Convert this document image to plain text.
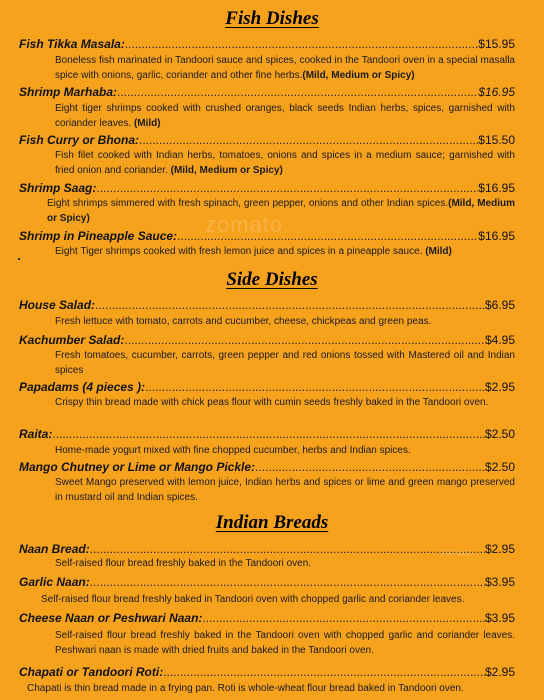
zomato
Fish Dishes
Fish Tikka Masala: .....	$15.95
Boneless fish marinated in Tandoori sauce and spices, cooked in the Tandoori oven in a special masalla spice with onions, garlic, coriander and other fine herbs.(Mild, Medium or Spicy)
Shrimp Marhaba: .....	$16.95
Eight tiger shrimps cooked with crushed oranges, black seeds Indian herbs, spices, garnished with coriander leaves. (Mild)
Fish Curry or Bhona: .....	$15.50
Fish filet cooked with Indian herbs, tomatoes, onions and spices in a medium sauce; garnished with fried onion and coriander. (Mild, Medium or Spicy)
Shrimp Saag: .....	$16.95
Eight shrimps simmered with fresh spinach, green pepper, onions and other Indian spices.(Mild, Medium or Spicy)
Shrimp in Pineapple Sauce: .....	$16.95
Eight Tiger shrimps cooked with fresh lemon juice and spices in a pineapple sauce. (Mild)
Side Dishes
House Salad: .....	$6.95
Fresh lettuce with tomato, carrots and cucumber, cheese, chickpeas and green peas.
Kachumber Salad: .....	$4.95
Fresh tomatoes, cucumber, carrots, green pepper and red onions tossed with Mastered oil and Indian spices
Papadams (4 pieces ): .....	$2.95
Crispy thin bread made with chick peas flour with cumin seeds freshly baked in the Tandoori oven.
Raita: .....	$2.50
Home-made yogurt mixed with fine chopped cucumber, herbs and Indian spices.
Mango Chutney or Lime or Mango Pickle: .....	$2.50
Sweet Mango preserved with lemon juice, Indian herbs and spices or lime and green mango preserved in mustard oil and Indian spices.
Indian Breads
zomato
Naan Bread: .....	$2.95
Self-raised flour bread freshly baked in the Tandoori oven.
Garlic Naan: .....	$3.95
Self-raised flour bread freshly baked in Tandoori oven with chopped garlic and coriander leaves.
Cheese Naan or Peshwari Naan: .....	$3.95
Self-raised flour bread freshly baked in the Tandoori oven with chopped garlic and coriander leaves. Peshwari naan is made with dried fruits and baked in the Tandoori oven.
Chapati or Tandoori Roti: .....	$2.95
Chapati is thin bread made in a frying pan. Roti is whole-wheat flour bread baked in Tandoori oven.
